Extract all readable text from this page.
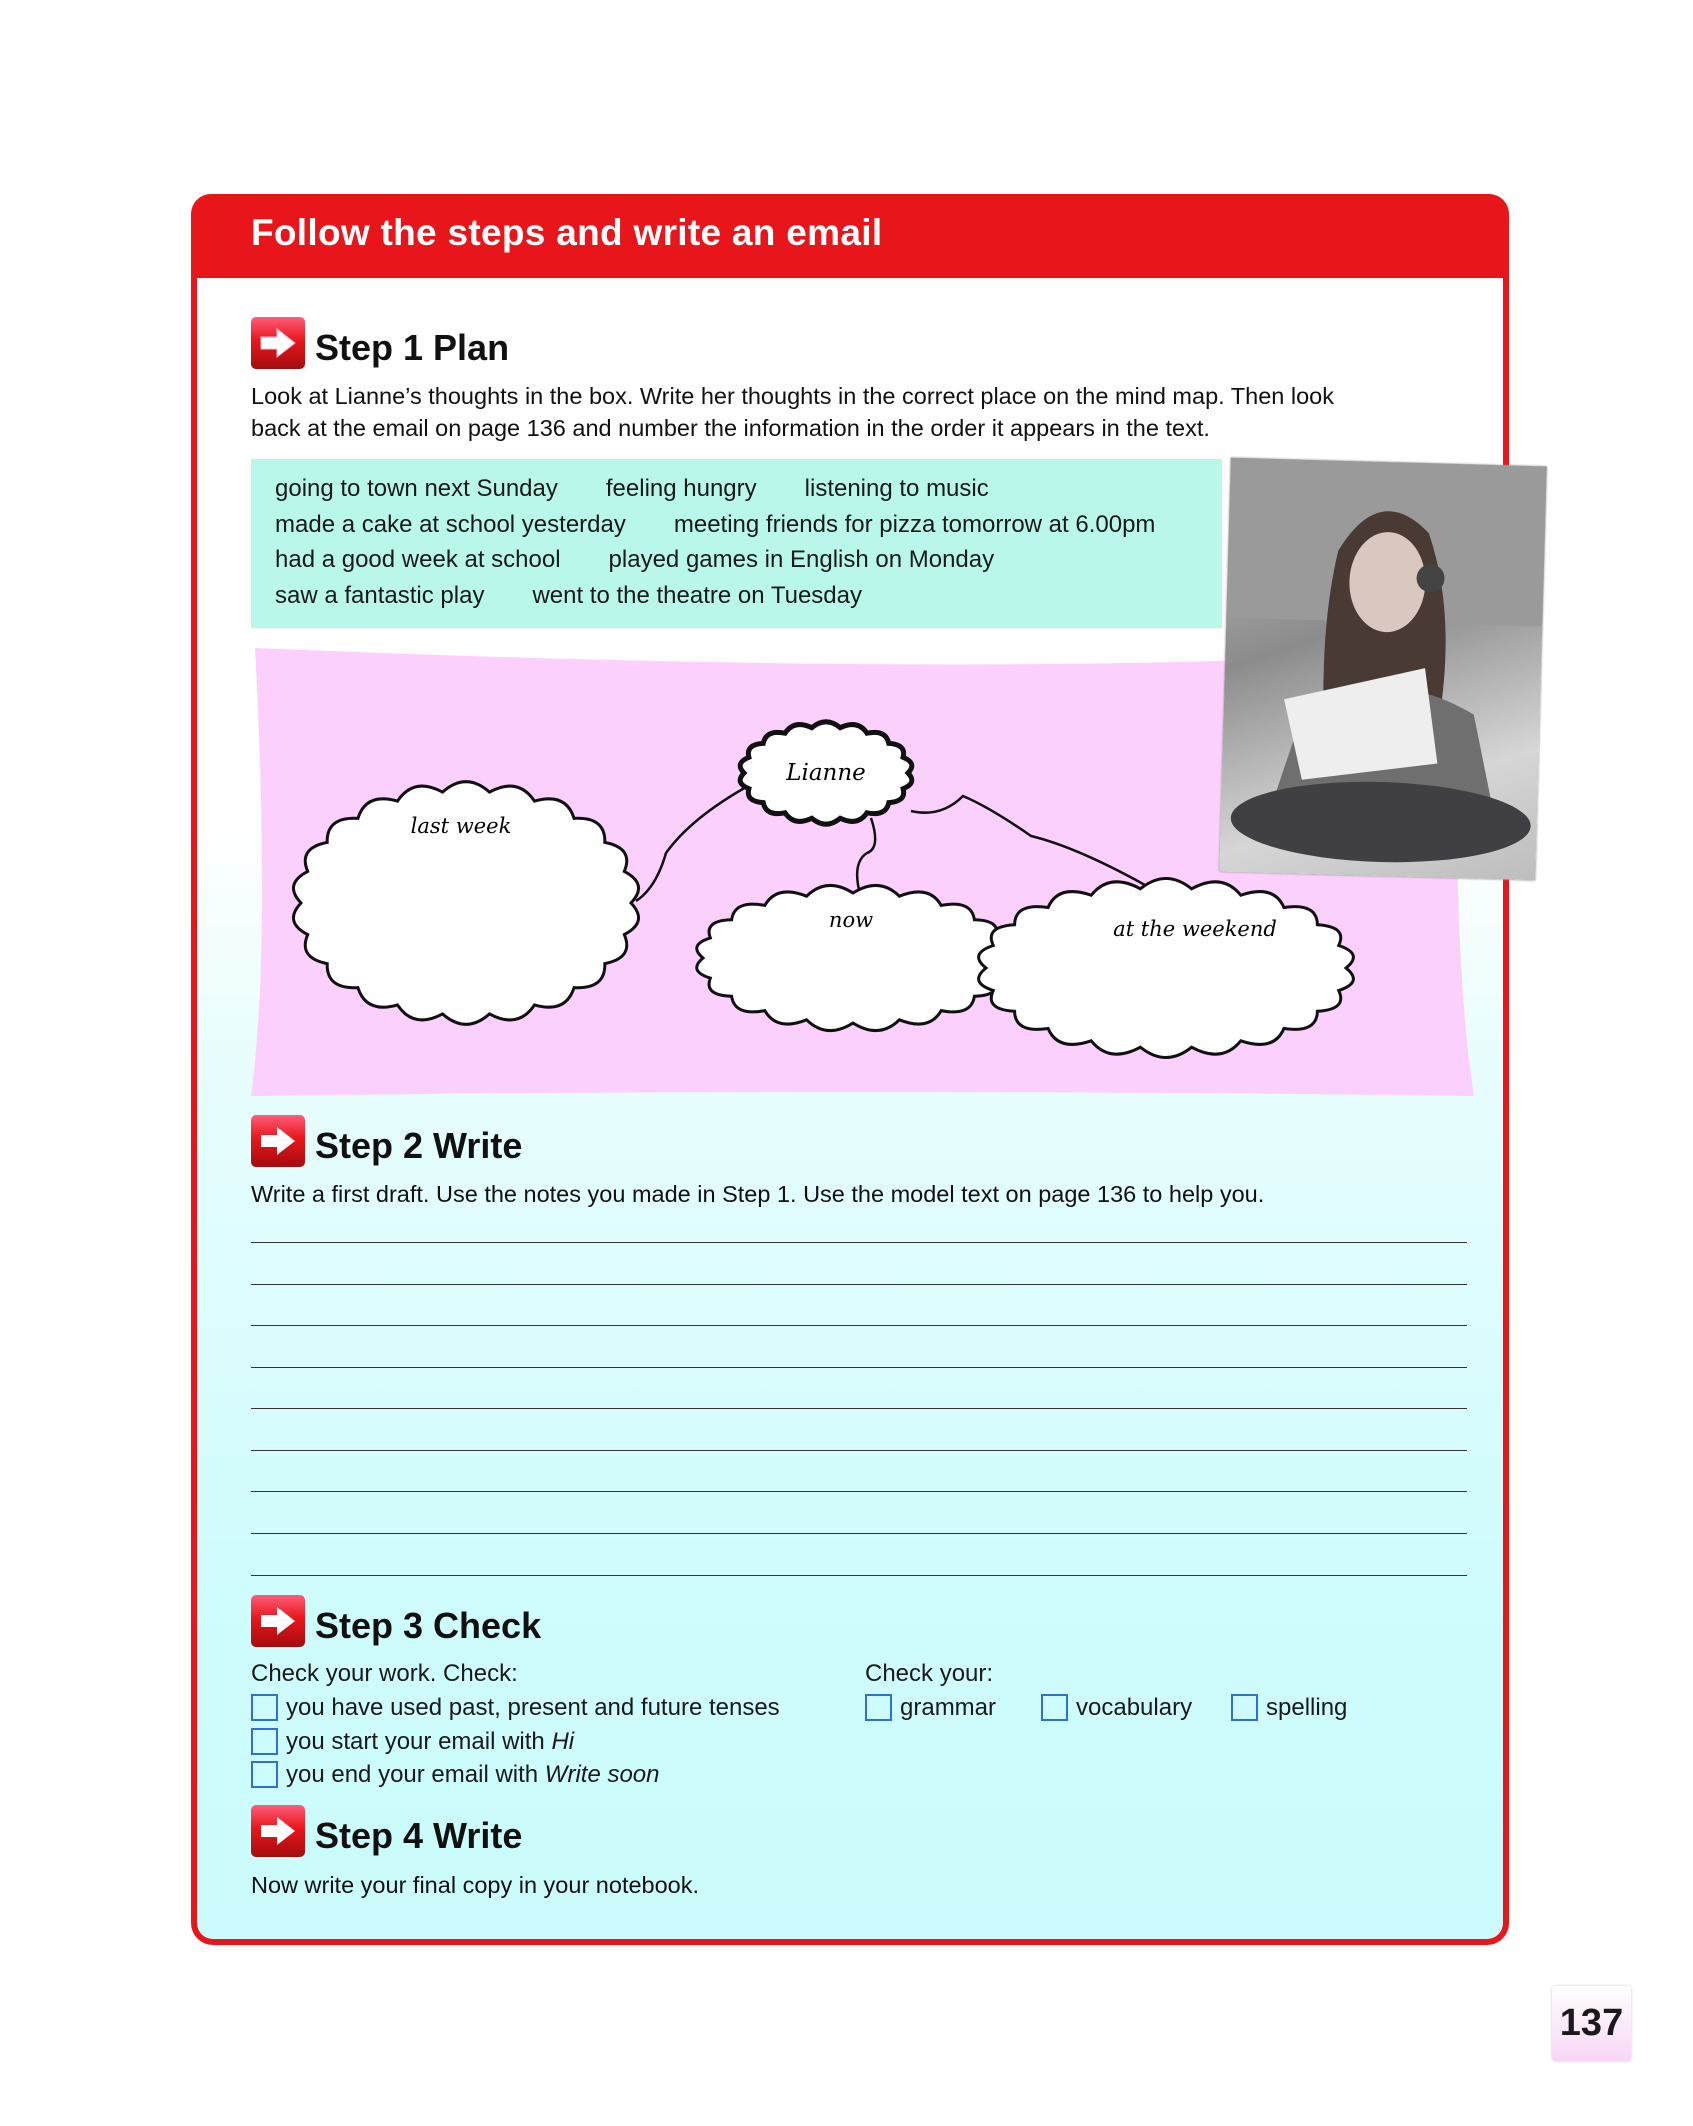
Follow the steps and write an email
Step 1 Plan
Look at Lianne’s thoughts in the box. Write her thoughts in the correct place on the mind map. Then look
back at the email on page 136 and number the information in the order it appears in the text.
going to town next Sunday feeling hungry listening to music
made a cake at school yesterday meeting friends for pizza tomorrow at 6.00pm
had a good week at school played games in English on Monday
saw a fantastic play went to the theatre on Tuesday
Lianne
last week
now	at the weekend
Step 2 Write
Write a first draft. Use the notes you made in Step 1. Use the model text on page 136 to help you.
Step 3 Check
Check your work. Check:
you have used past, present and future tenses
you start your email with Hi
you end your email with Write soon
Check your:
grammar	vocabulary	spelling
Step 4 Write
Now write your final copy in your notebook.
137
